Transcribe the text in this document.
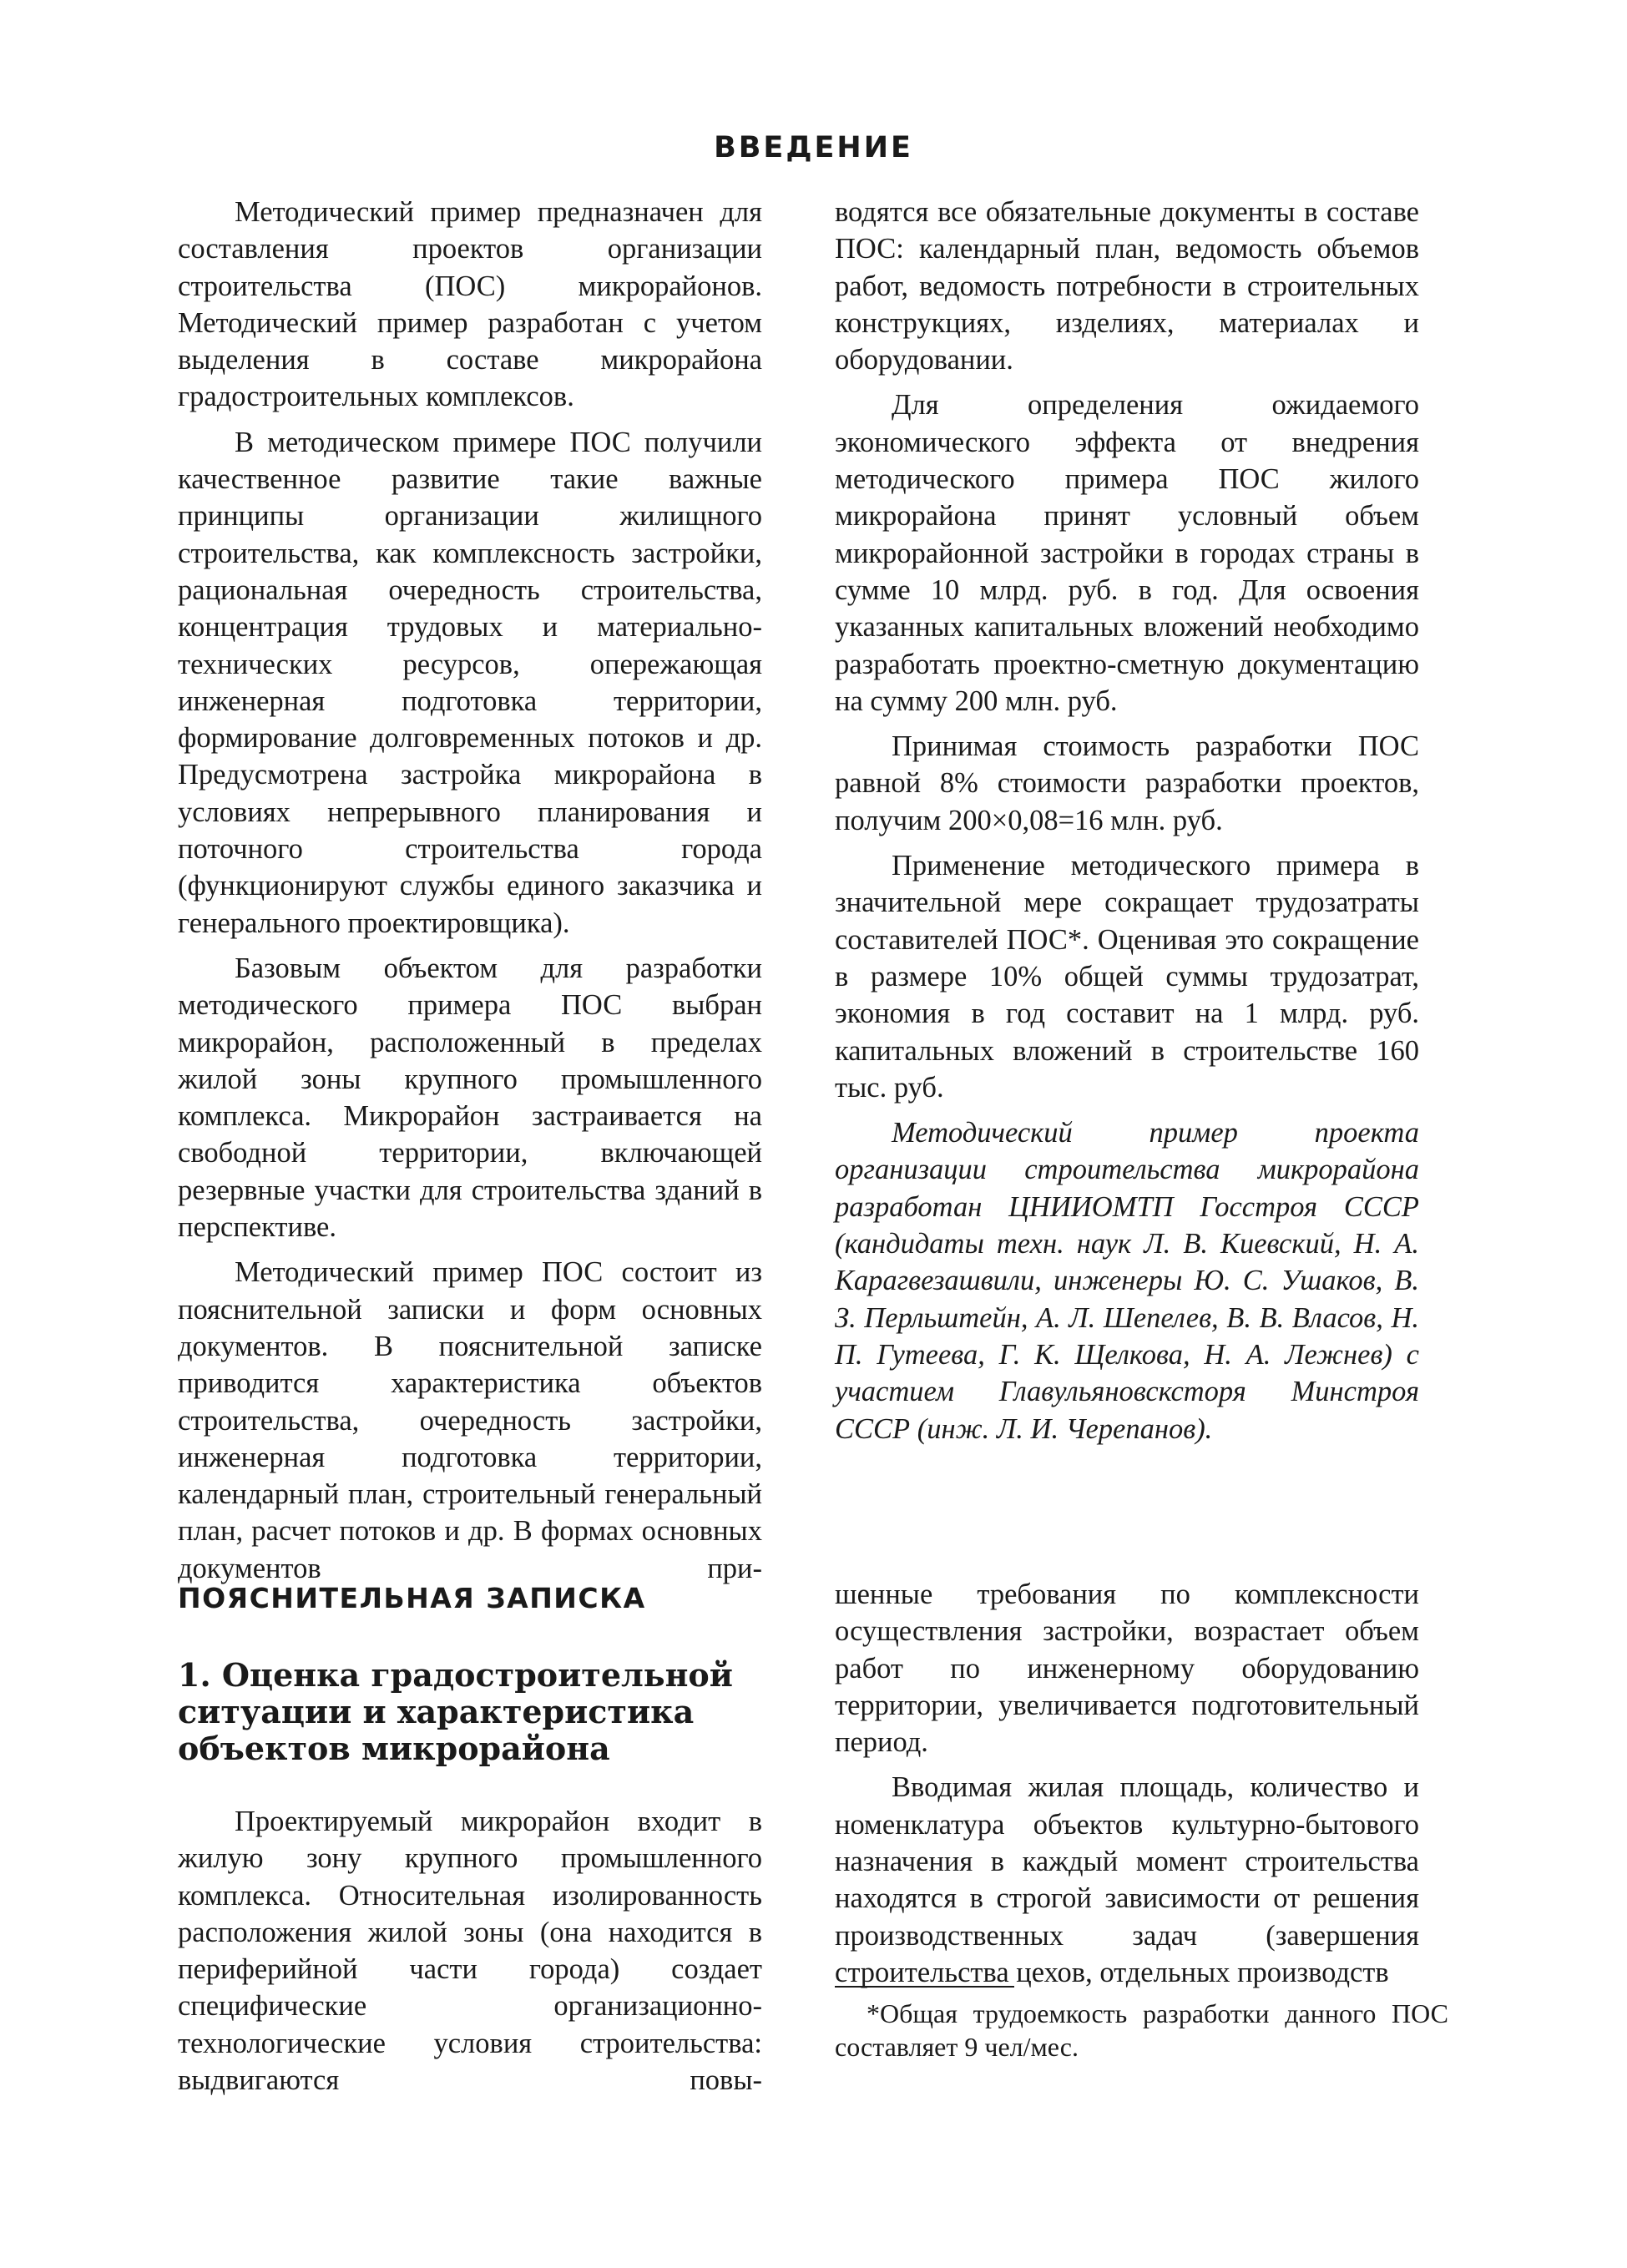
ВВЕДЕНИЕ

Методический пример предназначен для составления проектов организации строительства (ПОС) микрорайонов. Методический пример разработан с учетом выделения в составе микрорайона градостроительных комплексов.

В методическом примере ПОС получили качественное развитие такие важные принципы организации жилищного строительства, как комплексность застройки, рациональная очередность строительства, концентрация трудовых и материально-технических ресурсов, опережающая инженерная подготовка территории, формирование долговременных потоков и др. Предусмотрена застройка микрорайона в условиях непрерывного планирования и поточного строительства города (функционируют службы единого заказчика и генерального проектировщика).

Базовым объектом для разработки методического примера ПОС выбран микрорайон, расположенный в пределах жилой зоны крупного промышленного комплекса. Микрорайон застраивается на свободной территории, включающей резервные участки для строительства зданий в перспективе.

Методический пример ПОС состоит из пояснительной записки и форм основных документов. В пояснительной записке приводится характеристика объектов строительства, очередность застройки, инженерная подготовка территории, календарный план, строительный генеральный план, расчет потоков и др. В формах основных документов при-

водятся все обязательные документы в составе ПОС: календарный план, ведомость объемов работ, ведомость потребности в строительных конструкциях, изделиях, материалах и оборудовании.

Для определения ожидаемого экономического эффекта от внедрения методического примера ПОС жилого микрорайона принят условный объем микрорайонной застройки в городах страны в сумме 10 млрд. руб. в год. Для освоения указанных капитальных вложений необходимо разработать проектно-сметную документацию на сумму 200 млн. руб.

Принимая стоимость разработки ПОС равной 8% стоимости разработки проектов, получим 200×0,08=16 млн. руб.

Применение методического примера в значительной мере сокращает трудозатраты составителей ПОС*. Оценивая это сокращение в размере 10% общей суммы трудозатрат, экономия в год составит на 1 млрд. руб. капитальных вложений в строительстве 160 тыс. руб.

Методический пример проекта организации строительства микрорайона разработан ЦНИИОМТП Госстроя СССР (кандидаты техн. наук Л. В. Киевский, Н. А. Карагвезашвили, инженеры Ю. С. Ушаков, В. З. Перльштейн, А. Л. Шепелев, В. В. Власов, Н. П. Гутеева, Г. К. Щелкова, Н. А. Лежнев) с участием Главульяновсксторя Минстроя СССР (инж. Л. И. Черепанов).

ПОЯСНИТЕЛЬНАЯ ЗАПИСКА
1. Оценка градостроительной ситуации и характеристика объектов микрорайона

Проектируемый микрорайон входит в жилую зону крупного промышленного комплекса. Относительная изолированность расположения жилой зоны (она находится в периферийной части города) создает специфические организационно-технологические условия строительства: выдвигаются повы-

шенные требования по комплексности осуществления застройки, возрастает объем работ по инженерному оборудованию территории, увеличивается подготовительный период.

Вводимая жилая площадь, количество и номенклатура объектов культурно-бытового назначения в каждый момент строительства находятся в строгой зависимости от решения производственных задач (завершения строительства цехов, отдельных производств

*Общая трудоемкость разработки данного ПОС составляет 9 чел/мес.
